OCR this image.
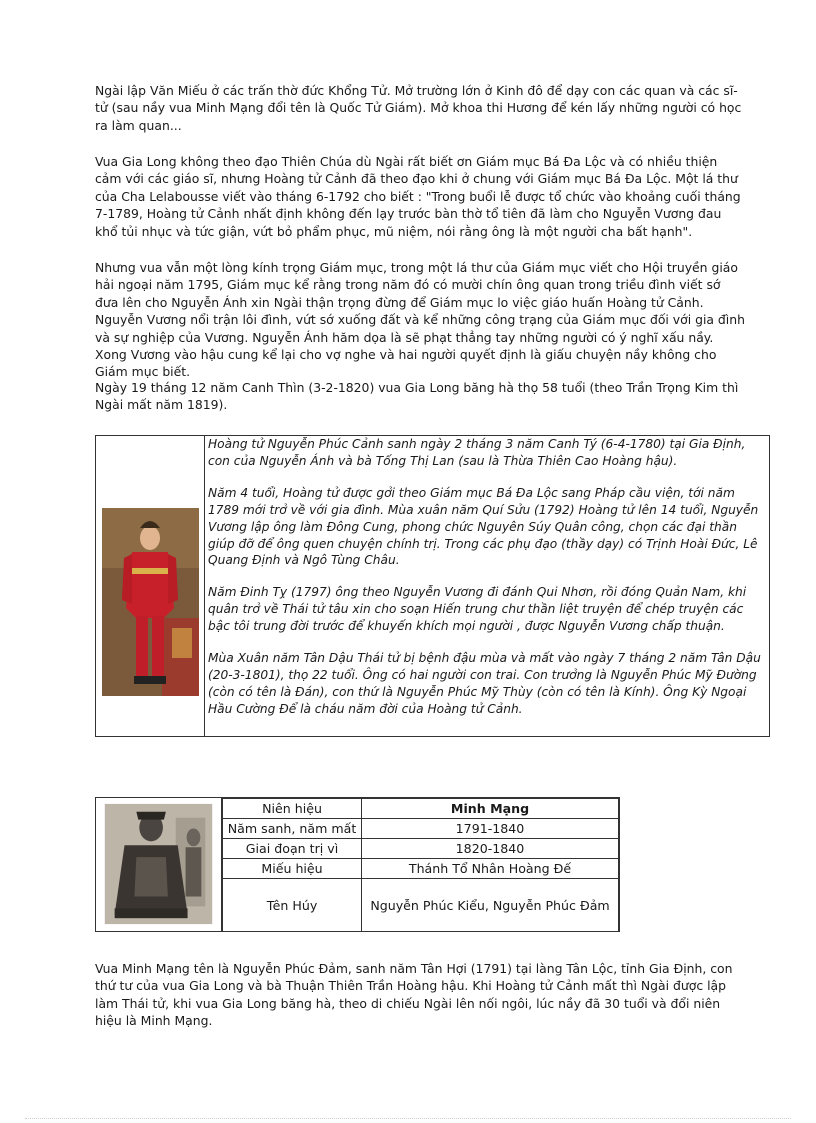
Ngài lập Văn Miếu ở các trấn thờ đức Khổng Tử. Mở trường lớn ở Kinh đô để dạy con các quan và các sĩ-tử (sau nầy vua Minh Mạng đổi tên là Quốc Tử Giám). Mở khoa thi Hương để kén lấy những người có học ra làm quan...

Vua Gia Long không theo đạo Thiên Chúa dù Ngài rất biết ơn Giám mục Bá Đa Lộc và có nhiều thiện cảm với các giáo sĩ, nhưng Hoàng tử Cảnh đã theo đạo khi ở chung với Giám mục Bá Đa Lộc. Một lá thư của Cha Lelabousse viết vào tháng 6-1792 cho biết : "Trong buổi lễ được tổ chức vào khoảng cuối tháng 7-1789, Hoàng tử Cảnh nhất định không đến lạy trước bàn thờ tổ tiên đã làm cho Nguyễn Vương đau khổ tủi nhục và tức giận, vứt bỏ phẩm phục, mũ niệm, nói rằng ông là một người cha bất hạnh".

Nhưng vua vẫn một lòng kính trọng Giám mục, trong một lá thư của Giám mục viết cho Hội truyền giáo hải ngoại năm 1795, Giám mục kể rằng trong năm đó có mười chín ông quan trong triều đình viết sớ đưa lên cho Nguyễn Ánh xin Ngài thận trọng đừng để Giám mục lo việc giáo huấn Hoàng tử Cảnh. Nguyễn Vương nổi trận lôi đình, vứt sớ xuống đất và kể những công trạng của Giám mục đối với gia đình và sự nghiệp của Vương. Nguyễn Ánh hăm dọa là sẽ phạt thẳng tay những người có ý nghĩ xấu nầy. Xong Vương vào hậu cung kể lại cho vợ nghe và hai người quyết định là giấu chuyện nầy không cho Giám mục biết.

Ngày 19 tháng 12 năm Canh Thìn (3-2-1820) vua Gia Long băng hà thọ 58 tuổi (theo Trần Trọng Kim thì Ngài mất năm 1819).

Hoàng tử Nguyễn Phúc Cảnh sanh ngày 2 tháng 3 năm Canh Tý (6-4-1780) tại Gia Định, con của Nguyễn Ánh và bà Tống Thị Lan (sau là Thừa Thiên Cao Hoàng hậu).

Năm 4 tuổi, Hoàng tử được gởi theo Giám mục Bá Đa Lộc sang Pháp cầu viện, tới năm 1789 mới trở về với gia đình. Mùa xuân năm Quí Sửu (1792) Hoàng tử lên 14 tuổi, Nguyễn Vương lập ông làm Đông Cung, phong chức Nguyên Súy Quân công, chọn các đại thần giúp đỡ để ông quen chuyện chính trị. Trong các phụ đạo (thầy dạy) có Trịnh Hoài Đức, Lê Quang Định và Ngô Tùng Châu.

Năm Đinh Tỵ (1797) ông theo Nguyễn Vương đi đánh Qui Nhơn, rồi đóng Quản Nam, khi quân trở về Thái tử tâu xin cho soạn Hiến trung chư thần liệt truyện để chép truyện các bậc tôi trung đời trước để khuyến khích mọi người , được Nguyễn Vương chấp thuận.

Mùa Xuân năm Tân Dậu Thái tử bị bệnh đậu mùa và mất vào ngày 7 tháng 2 năm Tân Dậu (20-3-1801), thọ 22 tuổi. Ông có hai người con trai. Con trưởng là Nguyễn Phúc Mỹ Đường (còn có tên là Đán), con thứ là Nguyễn Phúc Mỹ Thùy (còn có tên là Kính). Ông Kỳ Ngoại Hầu Cường Để là cháu năm đời của Hoàng tử Cảnh.

Niên hiệu	Minh Mạng
Năm sanh, năm mất	1791-1840
Giai đoạn trị vì	1820-1840
Miếu hiệu	Thánh Tổ Nhân Hoàng Đế
Tên Húy	Nguyễn Phúc Kiểu, Nguyễn Phúc Đảm

Vua Minh Mạng tên là Nguyễn Phúc Đảm, sanh năm Tân Hợi (1791) tại làng Tân Lộc, tỉnh Gia Định, con thứ tư của vua Gia Long và bà Thuận Thiên Trần Hoàng hậu. Khi Hoàng tử Cảnh mất thì Ngài được lập làm Thái tử, khi vua Gia Long băng hà, theo di chiếu Ngài lên nối ngôi, lúc nầy đã 30 tuổi và đổi niên hiệu là Minh Mạng.
